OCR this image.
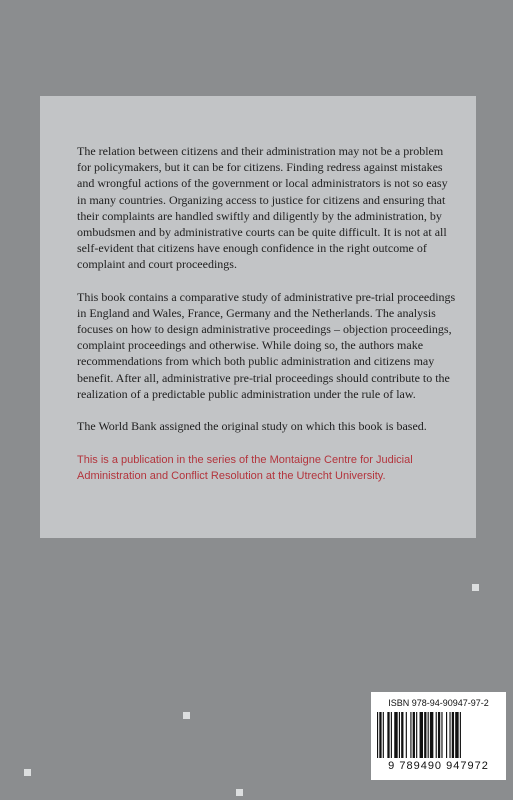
The relation between citizens and their administration may not be a problem for policymakers, but it can be for citizens. Finding redress against mistakes and wrongful actions of the government or local administrators is not so easy in many countries. Organizing access to justice for citizens and ensuring that their complaints are handled swiftly and diligently by the administration, by ombudsmen and by administrative courts can be quite difficult. It is not at all self-evident that citizens have enough confidence in the right outcome of complaint and court proceedings.

This book contains a comparative study of administrative pre-trial proceedings in England and Wales, France, Germany and the Netherlands. The analysis focuses on how to design administrative proceedings – objection proceedings, complaint proceedings and otherwise. While doing so, the authors make recommendations from which both public administration and citizens may benefit. After all, administrative pre-trial proceedings should contribute to the realization of a predictable public administration under the rule of law.

The World Bank assigned the original study on which this book is based.

This is a publication in the series of the Montaigne Centre for Judicial Administration and Conflict Resolution at the Utrecht University.

ISBN 978-94-90947-97-2
9 789490 947972
